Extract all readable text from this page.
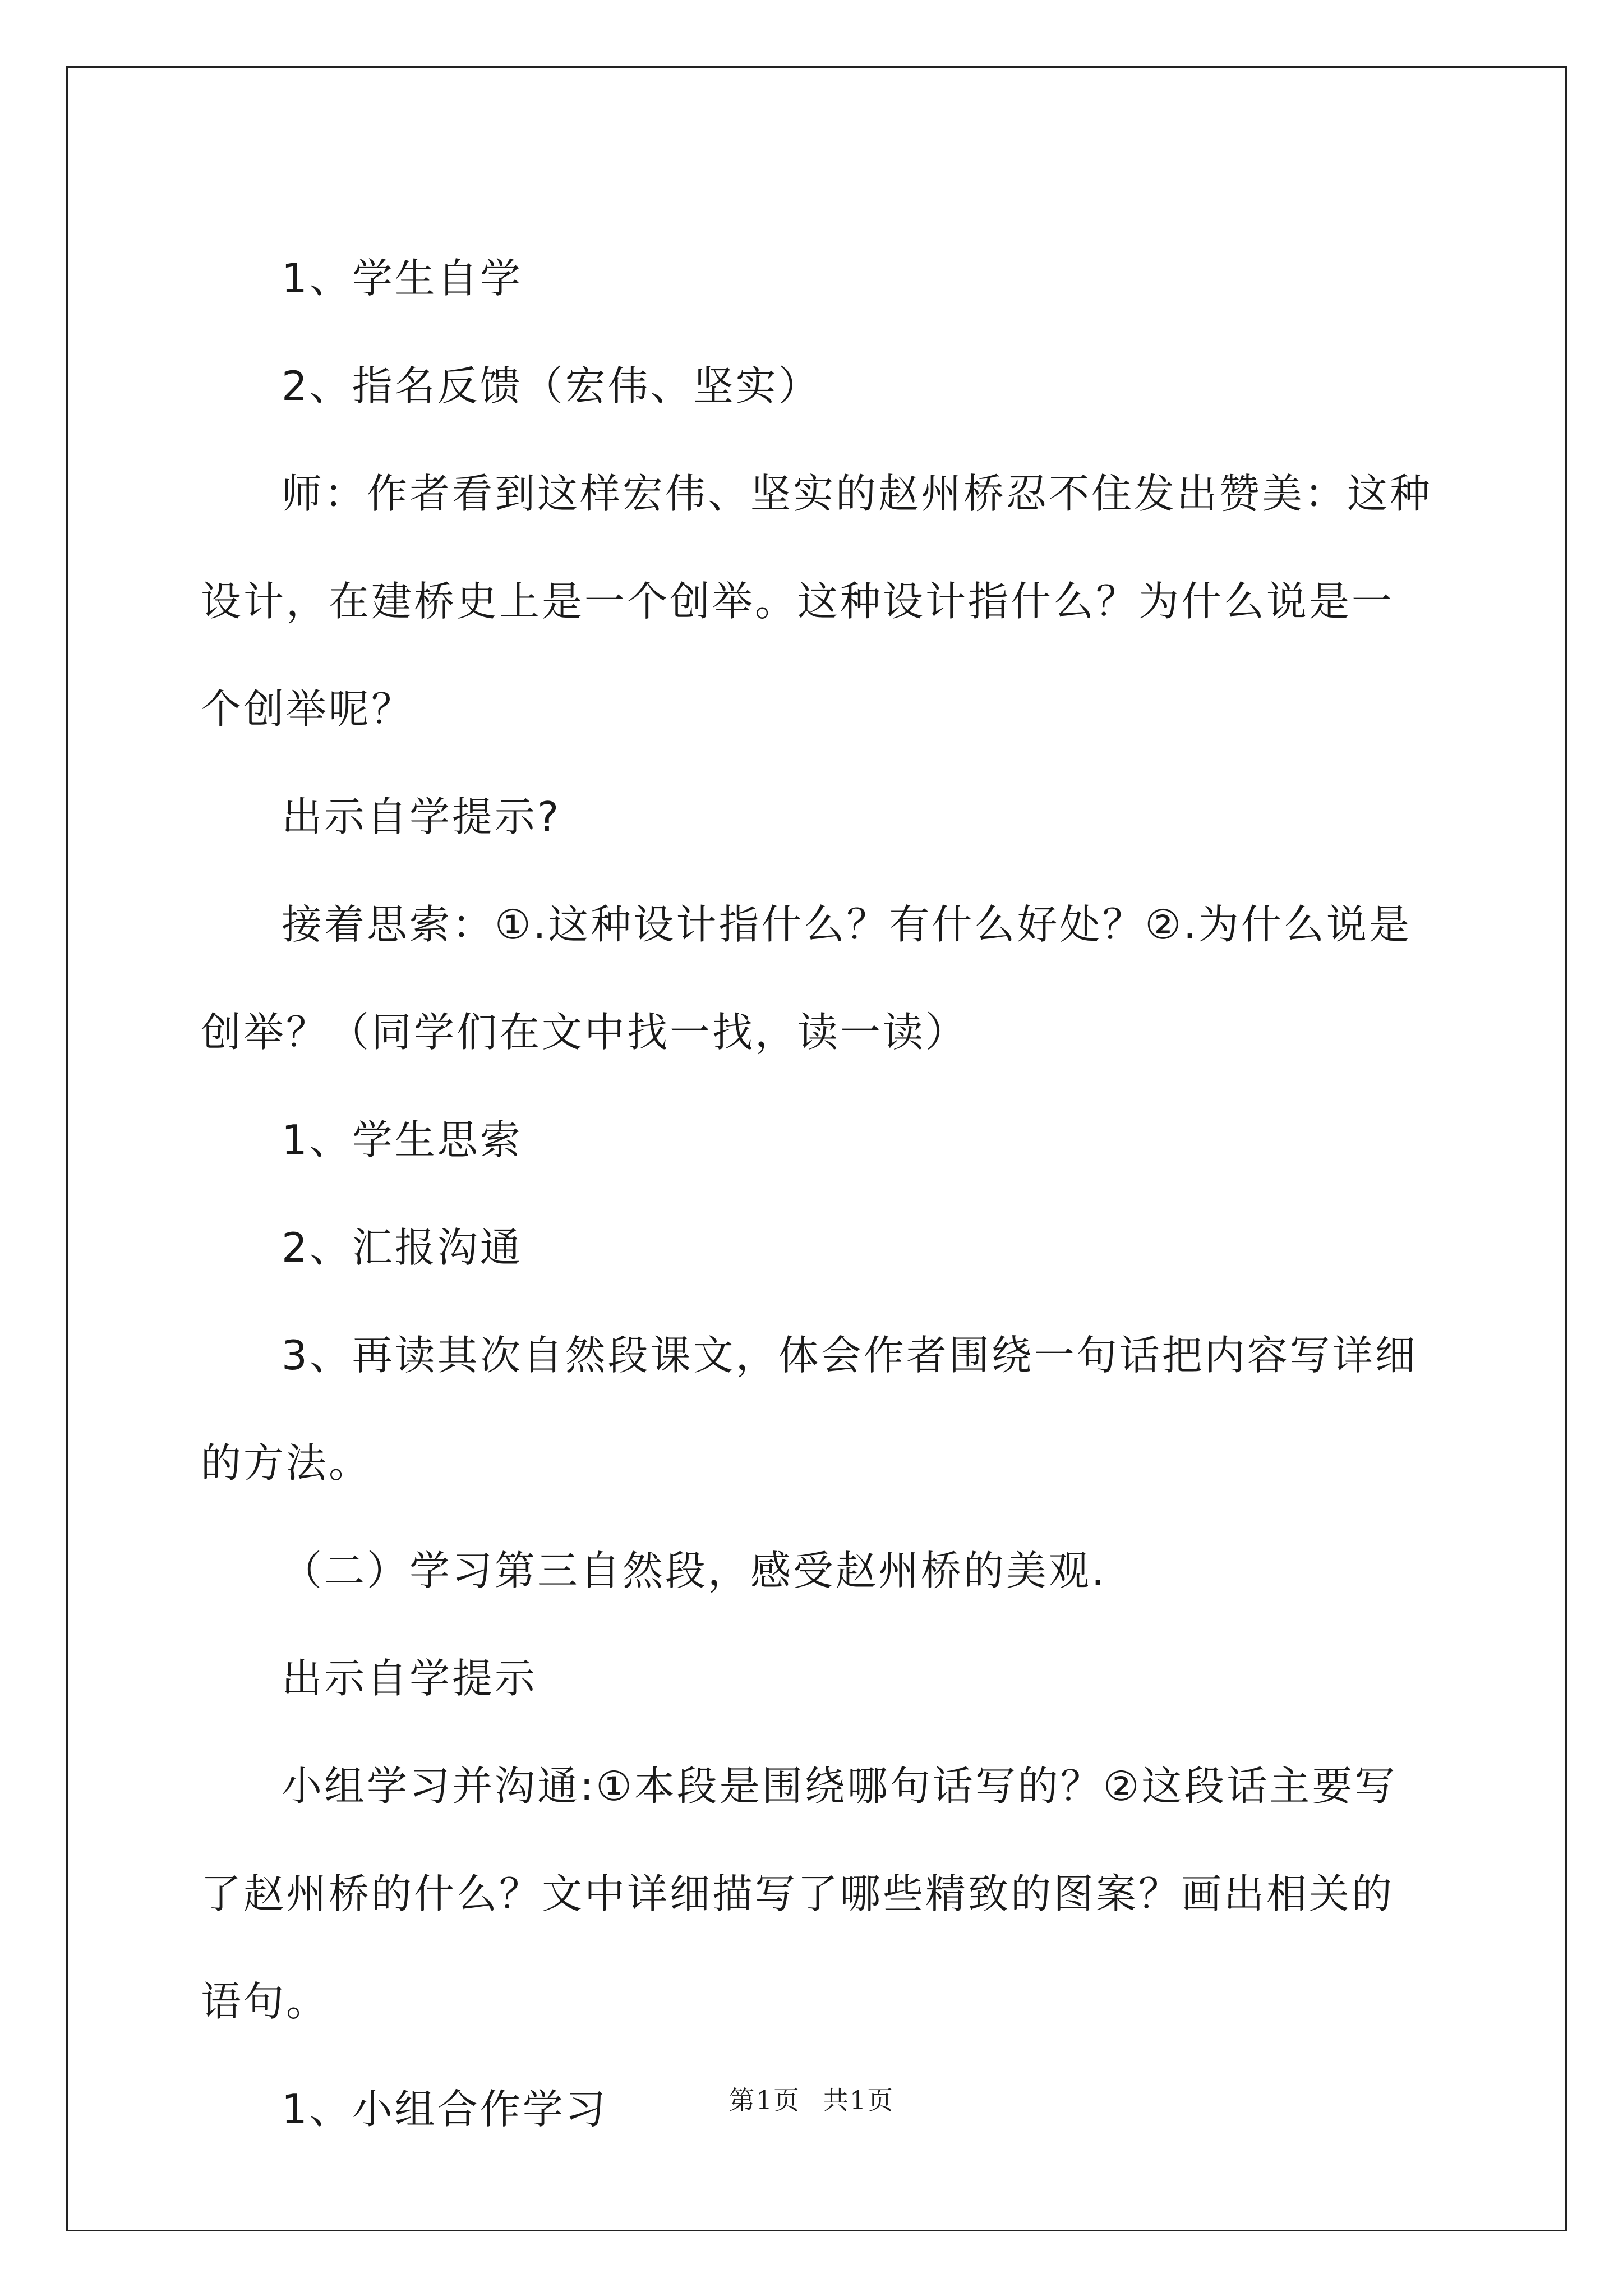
1、学生自学

2、指名反馈（宏伟、坚实）

师：作者看到这样宏伟、坚实的赵州桥忍不住发出赞美：这种设计，在建桥史上是一个创举。这种设计指什么？为什么说是一个创举呢？

出示自学提示?

接着思索：①.这种设计指什么？有什么好处？②.为什么说是创举？（同学们在文中找一找，读一读）

1、学生思索

2、汇报沟通

3、再读其次自然段课文，体会作者围绕一句话把内容写详细的方法。

（二）学习第三自然段，感受赵州桥的美观.

出示自学提示

小组学习并沟通:①本段是围绕哪句话写的？②这段话主要写了赵州桥的什么？文中详细描写了哪些精致的图案？画出相关的语句。

1、小组合作学习	第1页 共1页
